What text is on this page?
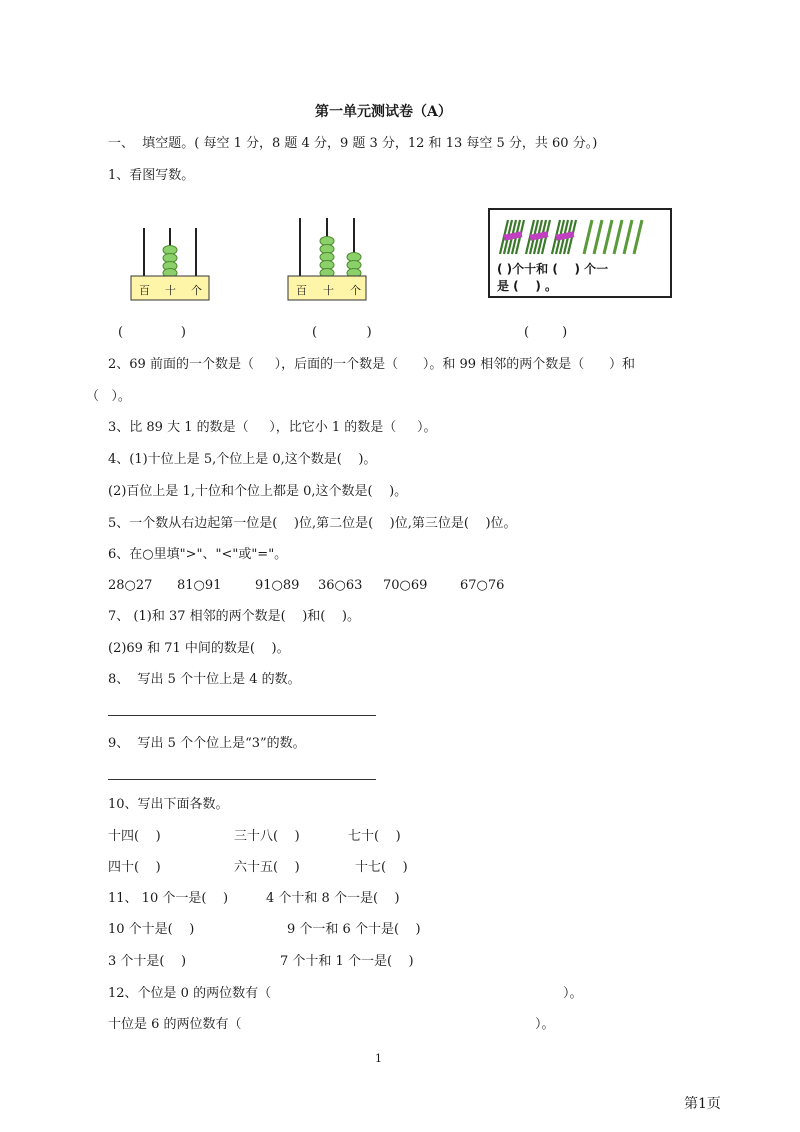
第一单元测试卷（A）
一、  填空题。( 每空 1 分，8 题 4 分，9 题 3 分，12 和 13 每空 5 分，共 60 分。)
1、看图写数。
百 十 个	百 十 个
( )个十和 (    ) 个一
是 (    ) 。
(              )	(            )	(        )
2、69 前面的一个数是（     ），后面的一个数是（      ）。和 99 相邻的两个数是（      ）和
（   ）。
3、比 89 大 1 的数是（     ），比它小 1 的数是（     ）。
4、(1)十位上是 5,个位上是 0,这个数是(    )。
(2)百位上是 1,十位和个位上都是 0,这个数是(    )。
5、一个数从右边起第一位是(    )位,第二位是(    )位,第三位是(    )位。
6、在○里填">"、"<"或"="。
28○27 81○91	91○89 36○63 70○69	67○76
7、 (1)和 37 相邻的两个数是(    )和(    )。
(2)69 和 71 中间的数是(    )。
8、  写出 5 个十位上是 4 的数。
9、  写出 5 个个位上是“3”的数。
10、写出下面各数。
十四(    )	三十八(    )	七十(    )
四十(    )	六十五(    )	十七(    )
11、 10 个一是(    )	4 个十和 8 个一是(    )
10 个十是(    )	9 个一和 6 个十是(    )
3 个十是(    )	7 个十和 1 个一是(    )
12、个位是 0 的两位数有（	）。
十位是 6 的两位数有（	）。
1
第1页
